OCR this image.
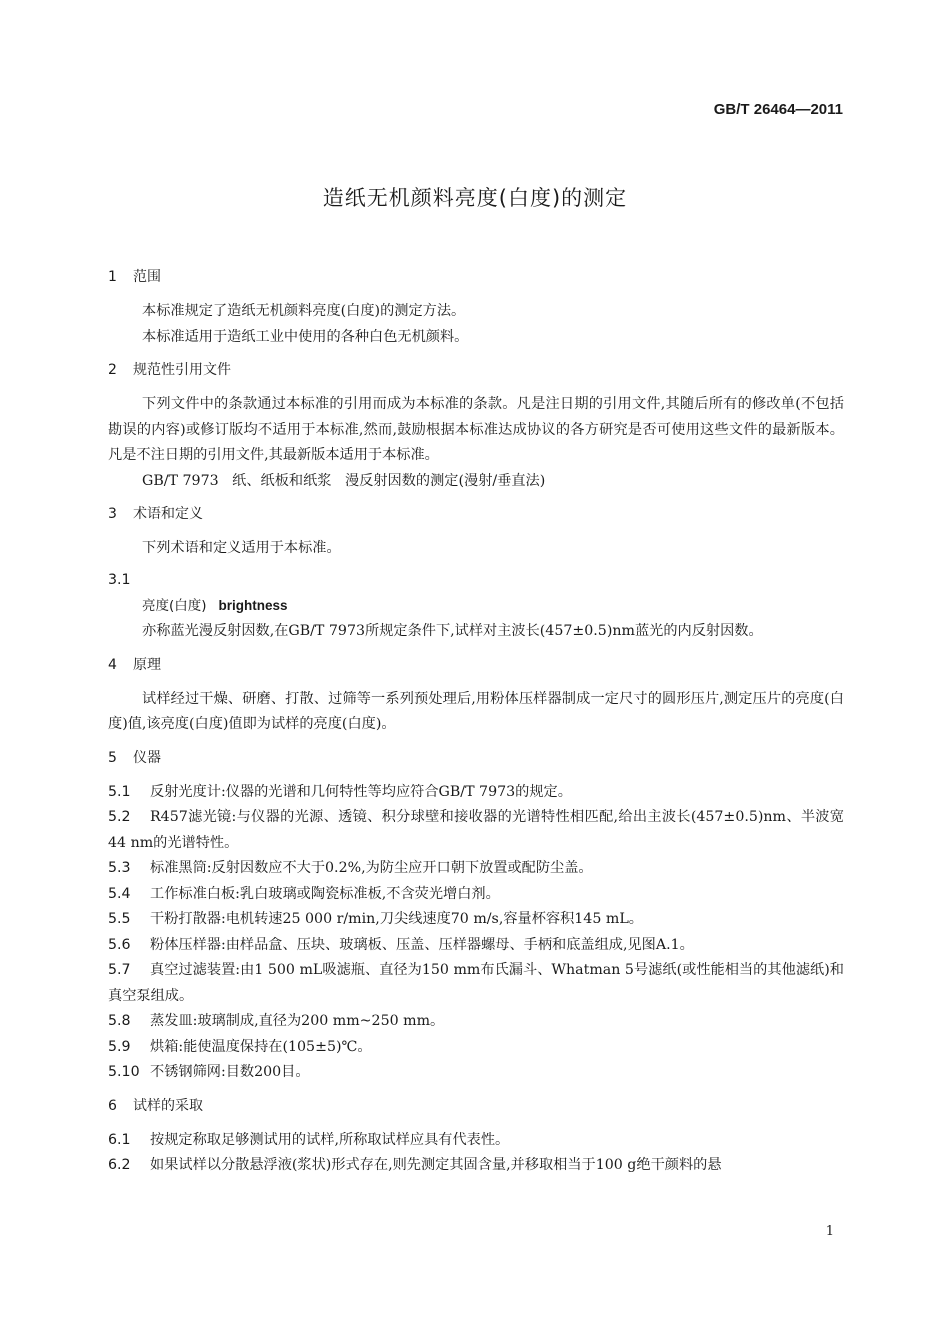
GB/T 26464—2011
造纸无机颜料亮度(白度)的测定
1 范围

本标准规定了造纸无机颜料亮度(白度)的测定方法。

本标准适用于造纸工业中使用的各种白色无机颜料。

2 规范性引用文件

下列文件中的条款通过本标准的引用而成为本标准的条款。凡是注日期的引用文件,其随后所有的修改单(不包括勘误的内容)或修订版均不适用于本标准,然而,鼓励根据本标准达成协议的各方研究是否可使用这些文件的最新版本。凡是不注日期的引用文件,其最新版本适用于本标准。

GB/T 7973   纸、纸板和纸浆   漫反射因数的测定(漫射/垂直法)

3 术语和定义

下列术语和定义适用于本标准。

3.1
亮度(白度) brightness

亦称蓝光漫反射因数,在GB/T 7973所规定条件下,试样对主波长(457±0.5)nm蓝光的内反射因数。

4 原理

试样经过干燥、研磨、打散、过筛等一系列预处理后,用粉体压样器制成一定尺寸的圆形压片,测定压片的亮度(白度)值,该亮度(白度)值即为试样的亮度(白度)。

5 仪器

5.1 反射光度计:仪器的光谱和几何特性等均应符合GB/T 7973的规定。

5.2 R457滤光镜:与仪器的光源、透镜、积分球壁和接收器的光谱特性相匹配,给出主波长(457±0.5)nm、半波宽44 nm的光谱特性。

5.3 标准黑筒:反射因数应不大于0.2%,为防尘应开口朝下放置或配防尘盖。

5.4 工作标准白板:乳白玻璃或陶瓷标准板,不含荧光增白剂。

5.5 干粉打散器:电机转速25 000 r/min,刀尖线速度70 m/s,容量杯容积145 mL。

5.6 粉体压样器:由样品盒、压块、玻璃板、压盖、压样器螺母、手柄和底盖组成,见图A.1。

5.7 真空过滤装置:由1 500 mL吸滤瓶、直径为150 mm布氏漏斗、Whatman 5号滤纸(或性能相当的其他滤纸)和真空泵组成。

5.8 蒸发皿:玻璃制成,直径为200 mm~250 mm。

5.9 烘箱:能使温度保持在(105±5)℃。

5.10 不锈钢筛网:目数200目。

6 试样的采取

6.1 按规定称取足够测试用的试样,所称取试样应具有代表性。

6.2 如果试样以分散悬浮液(浆状)形式存在,则先测定其固含量,并移取相当于100 g绝干颜料的悬

1
